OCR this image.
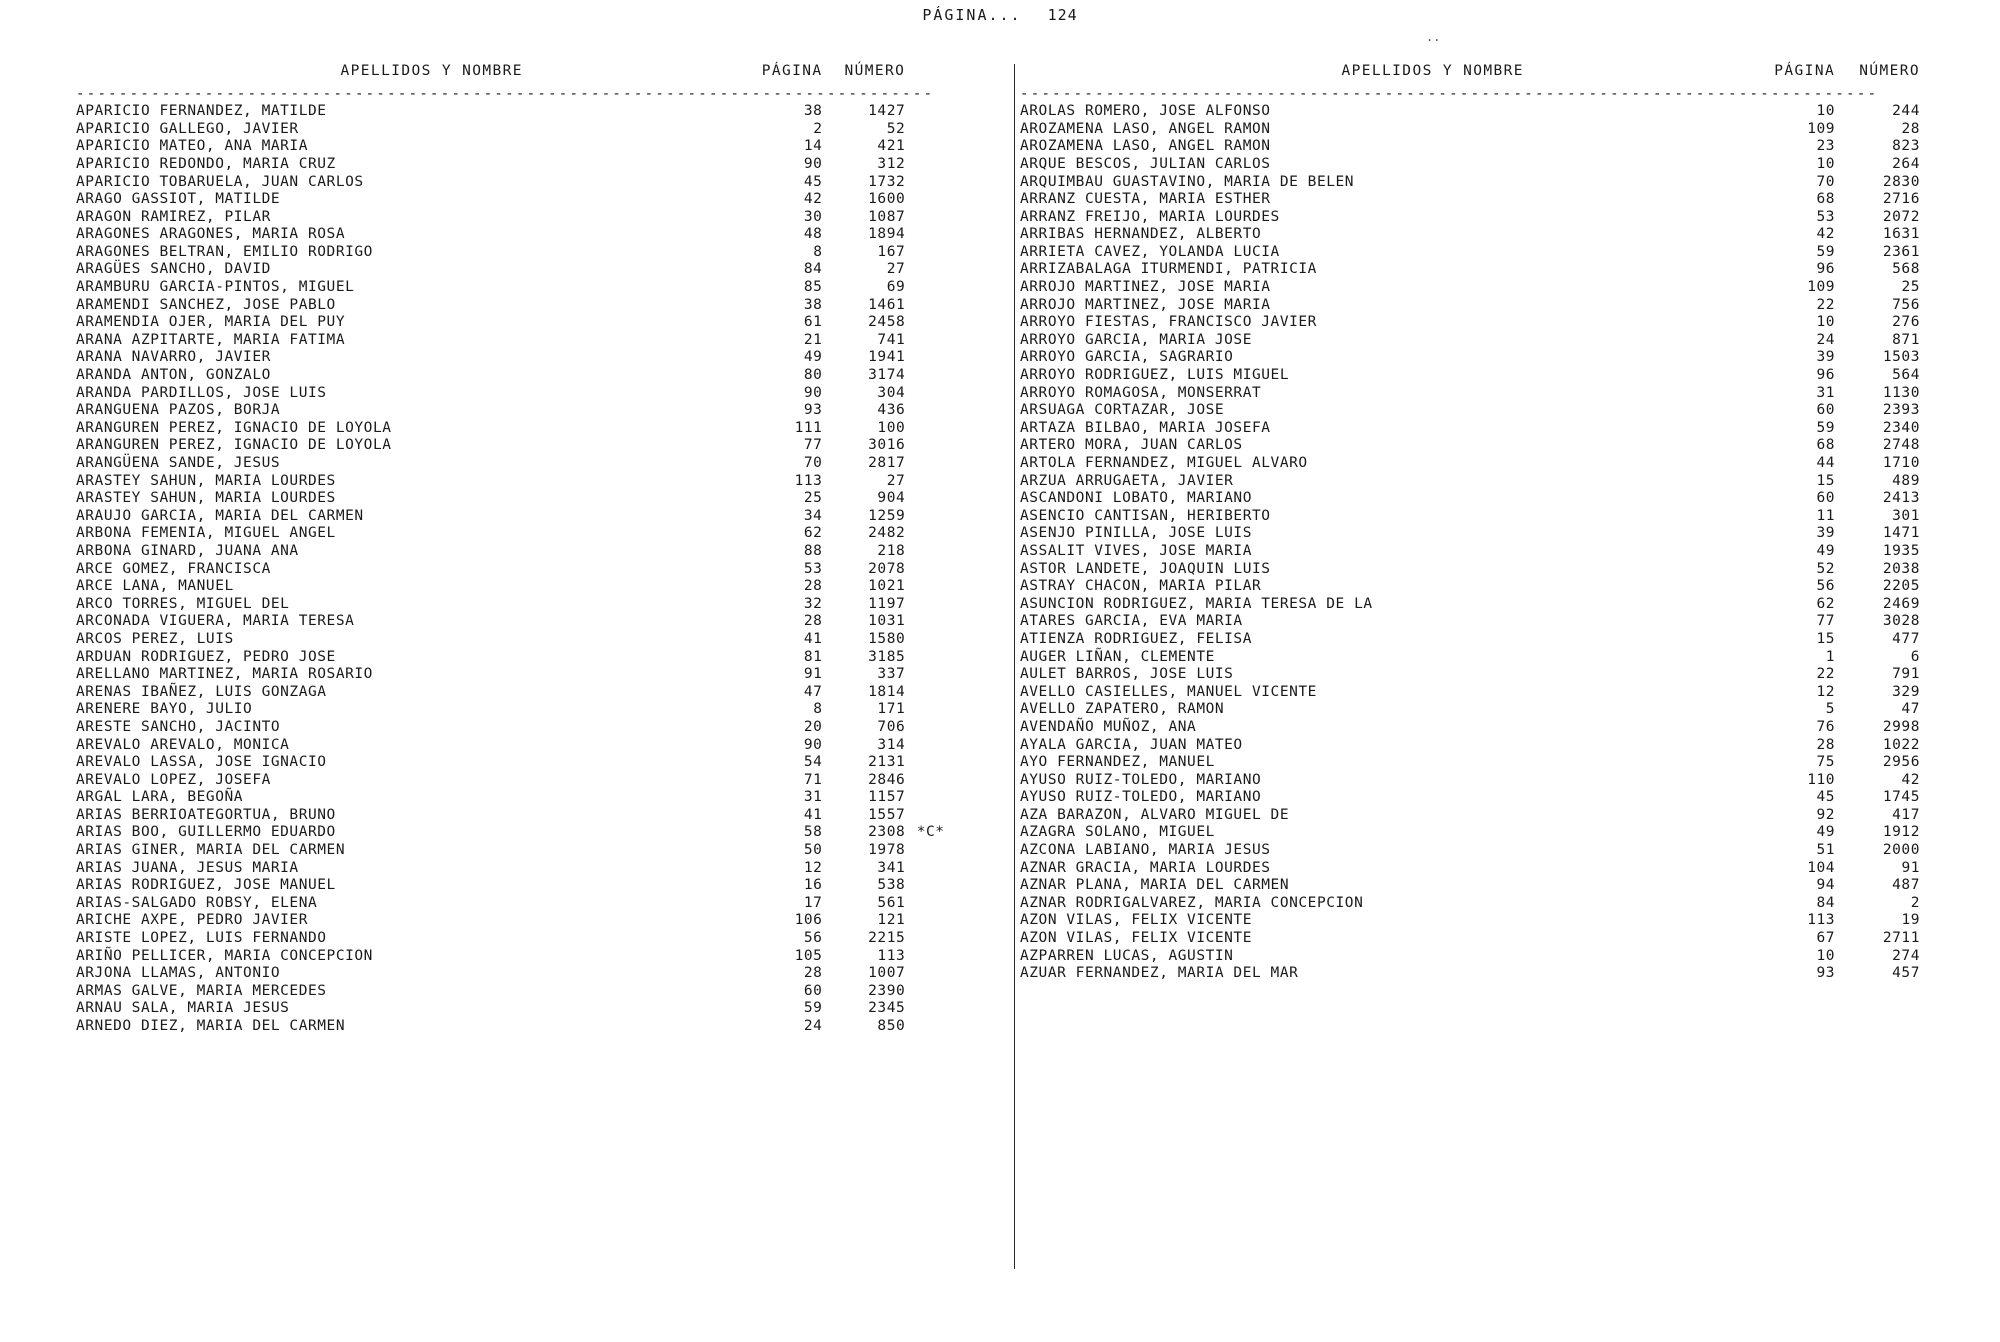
PÁGINA... 124
..
APELLIDOS Y NOMBRE	PÁGINA	NÚMERO	

--------------------------------------------------------------------------------			

APARICIO FERNANDEZ, MATILDE	38	1427	
APARICIO GALLEGO, JAVIER	2	52	
APARICIO MATEO, ANA MARIA	14	421	
APARICIO REDONDO, MARIA CRUZ	90	312	
APARICIO TOBARUELA, JUAN CARLOS	45	1732	
ARAGO GASSIOT, MATILDE	42	1600	
ARAGON RAMIREZ, PILAR	30	1087	
ARAGONES ARAGONES, MARIA ROSA	48	1894	
ARAGONES BELTRAN, EMILIO RODRIGO	8	167	
ARAGÜES SANCHO, DAVID	84	27	
ARAMBURU GARCIA-PINTOS, MIGUEL	85	69	
ARAMENDI SANCHEZ, JOSE PABLO	38	1461	
ARAMENDIA OJER, MARIA DEL PUY	61	2458	
ARANA AZPITARTE, MARIA FATIMA	21	741	
ARANA NAVARRO, JAVIER	49	1941	
ARANDA ANTON, GONZALO	80	3174	
ARANDA PARDILLOS, JOSE LUIS	90	304	
ARANGUENA PAZOS, BORJA	93	436	
ARANGUREN PEREZ, IGNACIO DE LOYOLA	111	100	
ARANGUREN PEREZ, IGNACIO DE LOYOLA	77	3016	
ARANGÜENA SANDE, JESUS	70	2817	
ARASTEY SAHUN, MARIA LOURDES	113	27	
ARASTEY SAHUN, MARIA LOURDES	25	904	
ARAUJO GARCIA, MARIA DEL CARMEN	34	1259	
ARBONA FEMENIA, MIGUEL ANGEL	62	2482	
ARBONA GINARD, JUANA ANA	88	218	
ARCE GOMEZ, FRANCISCA	53	2078	
ARCE LANA, MANUEL	28	1021	
ARCO TORRES, MIGUEL DEL	32	1197	
ARCONADA VIGUERA, MARIA TERESA	28	1031	
ARCOS PEREZ, LUIS	41	1580	
ARDUAN RODRIGUEZ, PEDRO JOSE	81	3185	
ARELLANO MARTINEZ, MARIA ROSARIO	91	337	
ARENAS IBAÑEZ, LUIS GONZAGA	47	1814	
ARENERE BAYO, JULIO	8	171	
ARESTE SANCHO, JACINTO	20	706	
AREVALO AREVALO, MONICA	90	314	
AREVALO LASSA, JOSE IGNACIO	54	2131	
AREVALO LOPEZ, JOSEFA	71	2846	
ARGAL LARA, BEGOÑA	31	1157	
ARIAS BERRIOATEGORTUA, BRUNO	41	1557	
ARIAS BOO, GUILLERMO EDUARDO	58	2308	*C*
ARIAS GINER, MARIA DEL CARMEN	50	1978	
ARIAS JUANA, JESUS MARIA	12	341	
ARIAS RODRIGUEZ, JOSE MANUEL	16	538	
ARIAS-SALGADO ROBSY, ELENA	17	561	
ARICHE AXPE, PEDRO JAVIER	106	121	
ARISTE LOPEZ, LUIS FERNANDO	56	2215	
ARIÑO PELLICER, MARIA CONCEPCION	105	113	
ARJONA LLAMAS, ANTONIO	28	1007	
ARMAS GALVE, MARIA MERCEDES	60	2390	
ARNAU SALA, MARIA JESUS	59	2345	
ARNEDO DIEZ, MARIA DEL CARMEN	24	850	
APELLIDOS Y NOMBRE	PÁGINA	NÚMERO

--------------------------------------------------------------------------------		

AROLAS ROMERO, JOSE ALFONSO	10	244
AROZAMENA LASO, ANGEL RAMON	109	28
AROZAMENA LASO, ANGEL RAMON	23	823
ARQUE BESCOS, JULIAN CARLOS	10	264
ARQUIMBAU GUASTAVINO, MARIA DE BELEN	70	2830
ARRANZ CUESTA, MARIA ESTHER	68	2716
ARRANZ FREIJO, MARIA LOURDES	53	2072
ARRIBAS HERNANDEZ, ALBERTO	42	1631
ARRIETA CAVEZ, YOLANDA LUCIA	59	2361
ARRIZABALAGA ITURMENDI, PATRICIA	96	568
ARROJO MARTINEZ, JOSE MARIA	109	25
ARROJO MARTINEZ, JOSE MARIA	22	756
ARROYO FIESTAS, FRANCISCO JAVIER	10	276
ARROYO GARCIA, MARIA JOSE	24	871
ARROYO GARCIA, SAGRARIO	39	1503
ARROYO RODRIGUEZ, LUIS MIGUEL	96	564
ARROYO ROMAGOSA, MONSERRAT	31	1130
ARSUAGA CORTAZAR, JOSE	60	2393
ARTAZA BILBAO, MARIA JOSEFA	59	2340
ARTERO MORA, JUAN CARLOS	68	2748
ARTOLA FERNANDEZ, MIGUEL ALVARO	44	1710
ARZUA ARRUGAETA, JAVIER	15	489
ASCANDONI LOBATO, MARIANO	60	2413
ASENCIO CANTISAN, HERIBERTO	11	301
ASENJO PINILLA, JOSE LUIS	39	1471
ASSALIT VIVES, JOSE MARIA	49	1935
ASTOR LANDETE, JOAQUIN LUIS	52	2038
ASTRAY CHACON, MARIA PILAR	56	2205
ASUNCION RODRIGUEZ, MARIA TERESA DE LA	62	2469
ATARES GARCIA, EVA MARIA	77	3028
ATIENZA RODRIGUEZ, FELISA	15	477
AUGER LIÑAN, CLEMENTE	1	6
AULET BARROS, JOSE LUIS	22	791
AVELLO CASIELLES, MANUEL VICENTE	12	329
AVELLO ZAPATERO, RAMON	5	47
AVENDAÑO MUÑOZ, ANA	76	2998
AYALA GARCIA, JUAN MATEO	28	1022
AYO FERNANDEZ, MANUEL	75	2956
AYUSO RUIZ-TOLEDO, MARIANO	110	42
AYUSO RUIZ-TOLEDO, MARIANO	45	1745
AZA BARAZON, ALVARO MIGUEL DE	92	417
AZAGRA SOLANO, MIGUEL	49	1912
AZCONA LABIANO, MARIA JESUS	51	2000
AZNAR GRACIA, MARIA LOURDES	104	91
AZNAR PLANA, MARIA DEL CARMEN	94	487
AZNAR RODRIGALVAREZ, MARIA CONCEPCION	84	2
AZON VILAS, FELIX VICENTE	113	19
AZON VILAS, FELIX VICENTE	67	2711
AZPARREN LUCAS, AGUSTIN	10	274
AZUAR FERNANDEZ, MARIA DEL MAR	93	457
